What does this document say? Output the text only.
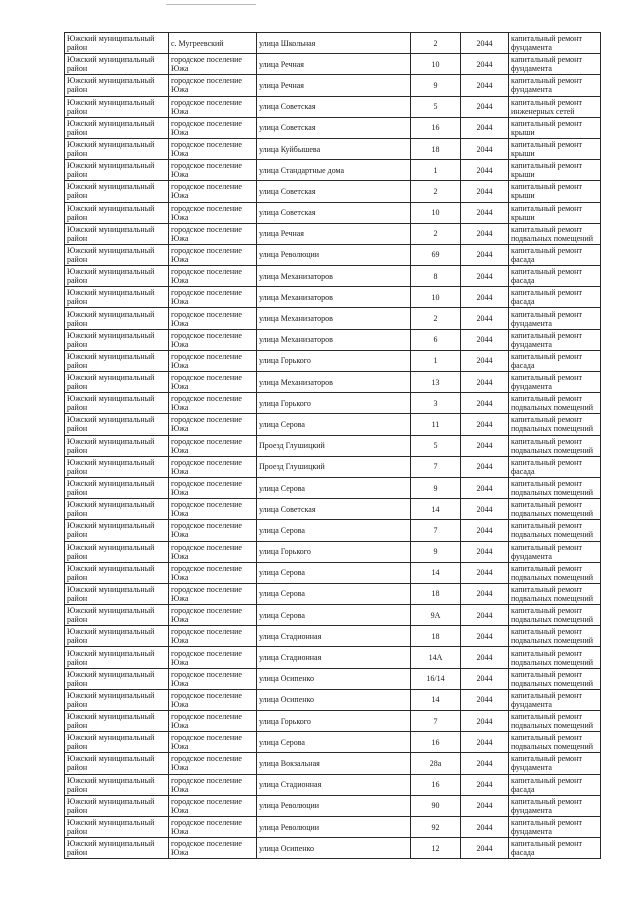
Южский муниципальный район	с. Мугреевский	улица Школьная	2	2044	капитальный ремонт фундамента

Южский муниципальный район	городское поселение Южа	улица Речная	10	2044	капитальный ремонт фундамента

Южский муниципальный район	городское поселение Южа	улица Речная	9	2044	капитальный ремонт фундамента

Южский муниципальный район	городское поселение Южа	улица Советская	5	2044	капитальный ремонт инженерных сетей

Южский муниципальный район	городское поселение Южа	улица Советская	16	2044	капитальный ремонт крыши

Южский муниципальный район	городское поселение Южа	улица Куйбышева	18	2044	капитальный ремонт крыши

Южский муниципальный район	городское поселение Южа	улица Стандартные дома	1	2044	капитальный ремонт крыши

Южский муниципальный район	городское поселение Южа	улица Советская	2	2044	капитальный ремонт крыши

Южский муниципальный район	городское поселение Южа	улица Советская	10	2044	капитальный ремонт крыши

Южский муниципальный район	городское поселение Южа	улица Речная	2	2044	капитальный ремонт подвальных помещений

Южский муниципальный район	городское поселение Южа	улица Революции	69	2044	капитальный ремонт фасада

Южский муниципальный район	городское поселение Южа	улица Механизаторов	8	2044	капитальный ремонт фасада

Южский муниципальный район	городское поселение Южа	улица Механизаторов	10	2044	капитальный ремонт фасада

Южский муниципальный район	городское поселение Южа	улица Механизаторов	2	2044	капитальный ремонт фундамента

Южский муниципальный район	городское поселение Южа	улица Механизаторов	6	2044	капитальный ремонт фундамента

Южский муниципальный район	городское поселение Южа	улица Горького	1	2044	капитальный ремонт фасада

Южский муниципальный район	городское поселение Южа	улица Механизаторов	13	2044	капитальный ремонт фундамента

Южский муниципальный район	городское поселение Южа	улица Горького	3	2044	капитальный ремонт подвальных помещений

Южский муниципальный район	городское поселение Южа	улица Серова	11	2044	капитальный ремонт подвальных помещений

Южский муниципальный район	городское поселение Южа	Проезд Глушицкий	5	2044	капитальный ремонт подвальных помещений

Южский муниципальный район	городское поселение Южа	Проезд Глушицкий	7	2044	капитальный ремонт фасада

Южский муниципальный район	городское поселение Южа	улица Серова	9	2044	капитальный ремонт подвальных помещений

Южский муниципальный район	городское поселение Южа	улица Советская	14	2044	капитальный ремонт подвальных помещений

Южский муниципальный район	городское поселение Южа	улица Серова	7	2044	капитальный ремонт подвальных помещений

Южский муниципальный район	городское поселение Южа	улица Горького	9	2044	капитальный ремонт фундамента

Южский муниципальный район	городское поселение Южа	улица Серова	14	2044	капитальный ремонт подвальных помещений

Южский муниципальный район	городское поселение Южа	улица Серова	18	2044	капитальный ремонт подвальных помещений

Южский муниципальный район	городское поселение Южа	улица Серова	9А	2044	капитальный ремонт подвальных помещений

Южский муниципальный район	городское поселение Южа	улица Стадионная	18	2044	капитальный ремонт подвальных помещений

Южский муниципальный район	городское поселение Южа	улица Стадионная	14А	2044	капитальный ремонт подвальных помещений

Южский муниципальный район	городское поселение Южа	улица Осипенко	16/14	2044	капитальный ремонт подвальных помещений

Южский муниципальный район	городское поселение Южа	улица Осипенко	14	2044	капитальный ремонт фундамента

Южский муниципальный район	городское поселение Южа	улица Горького	7	2044	капитальный ремонт подвальных помещений

Южский муниципальный район	городское поселение Южа	улица Серова	16	2044	капитальный ремонт подвальных помещений

Южский муниципальный район	городское поселение Южа	улица Вокзальная	28а	2044	капитальный ремонт фундамента

Южский муниципальный район	городское поселение Южа	улица Стадионная	16	2044	капитальный ремонт фасада

Южский муниципальный район	городское поселение Южа	улица Революции	90	2044	капитальный ремонт фундамента

Южский муниципальный район	городское поселение Южа	улица Революции	92	2044	капитальный ремонт фундамента

Южский муниципальный район	городское поселение Южа	улица Осипенко	12	2044	капитальный ремонт фасада
